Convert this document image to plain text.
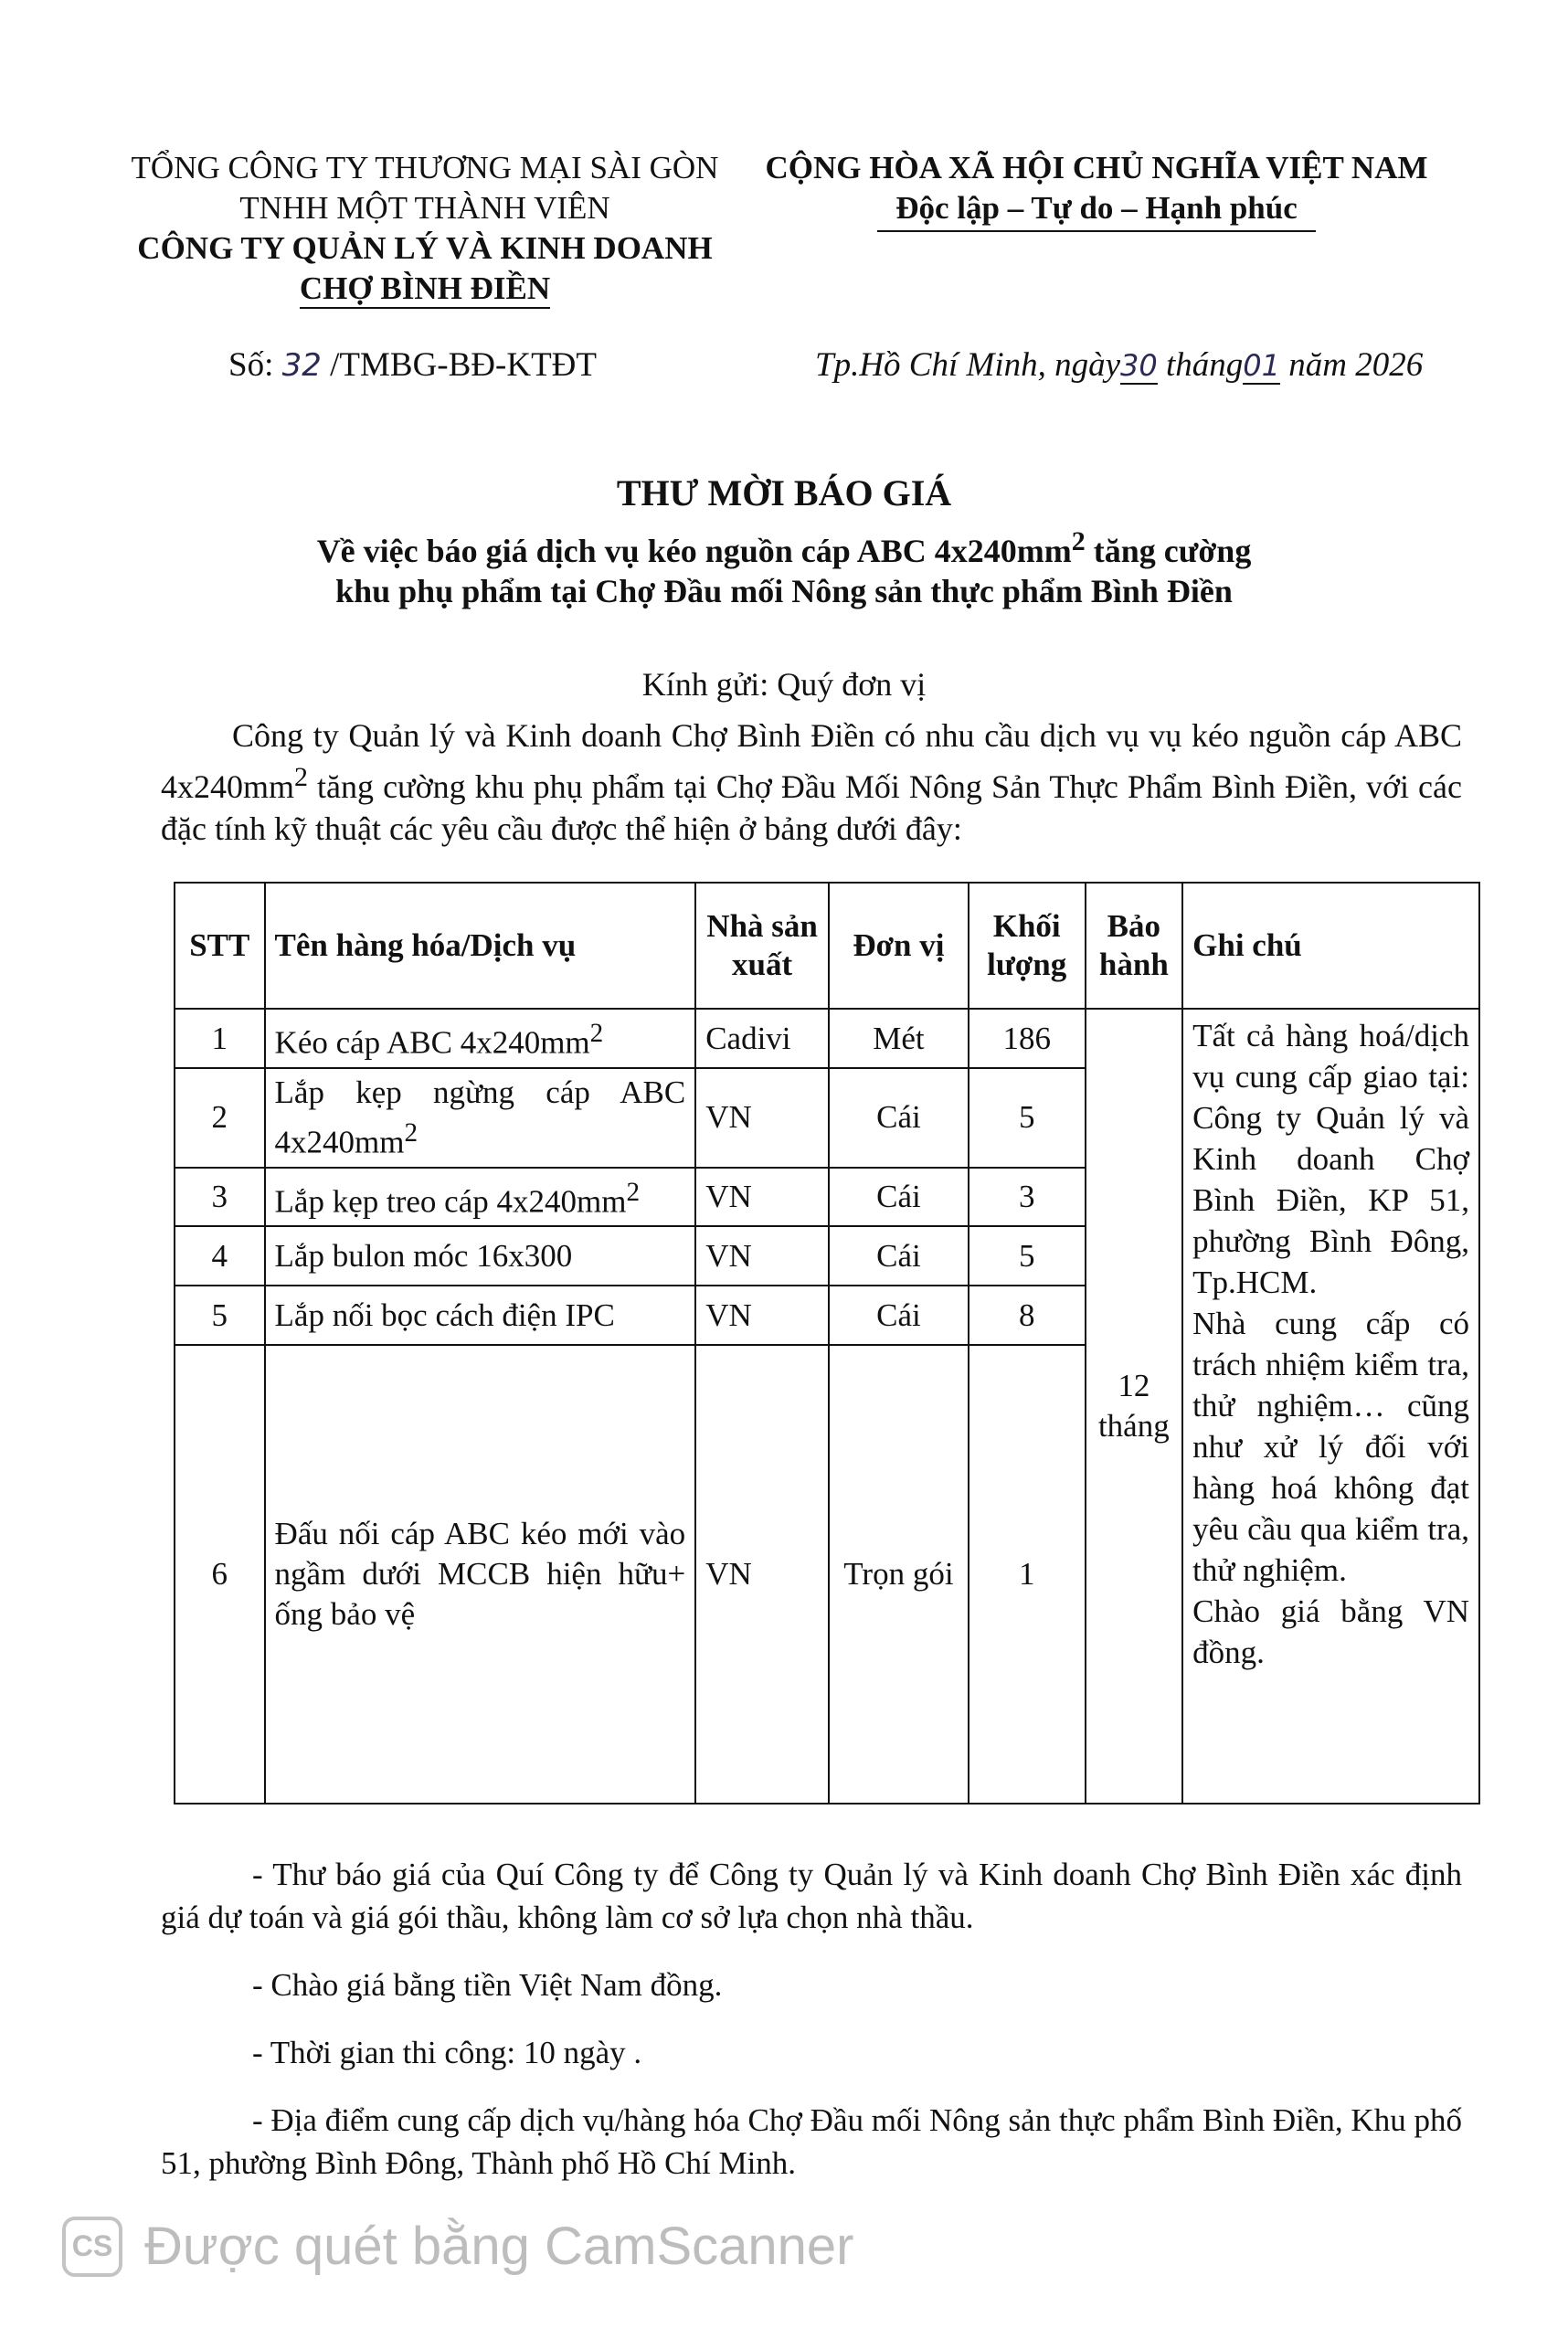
TỔNG CÔNG TY THƯƠNG MẠI SÀI GÒN
TNHH MỘT THÀNH VIÊN
CÔNG TY QUẢN LÝ VÀ KINH DOANH
CHỢ BÌNH ĐIỀN
CỘNG HÒA XÃ HỘI CHỦ NGHĨA VIỆT NAM
Độc lập – Tự do – Hạnh phúc
Số: 32 /TMBG-BĐ-KTĐT	Tp.Hồ Chí Minh, ngày30 tháng01 năm 2026
THƯ MỜI BÁO GIÁ
Về việc báo giá dịch vụ kéo nguồn cáp ABC $4x240mm^2$ tăng cường
khu phụ phẩm tại Chợ Đầu mối Nông sản thực phẩm Bình Điền
Kính gửi: Quý đơn vị
Công ty Quản lý và Kinh doanh Chợ Bình Điền có nhu cầu dịch vụ vụ kéo nguồn cáp ABC $4x240mm^2$ tăng cường khu phụ phẩm tại Chợ Đầu Mối Nông Sản Thực Phẩm Bình Điền, với các đặc tính kỹ thuật các yêu cầu được thể hiện ở bảng dưới đây:
STT	Tên hàng hóa/Dịch vụ	Nhà sản xuất	Đơn vị	Khối lượng	Bảo hành	Ghi chú
1	Kéo cáp ABC $4x240mm^2$	Cadivi	Mét	186	12 tháng	Tất cả hàng hoá/dịch vụ cung cấp giao tại: Công ty Quản lý và Kinh doanh Chợ Bình Điền, KP 51, phường Bình Đông, Tp.HCM.
Nhà cung cấp có trách nhiệm kiểm tra, thử nghiệm… cũng như xử lý đối với hàng hoá không đạt yêu cầu qua kiểm tra, thử nghiệm.
Chào giá bằng VN đồng.

2	Lắp kẹp ngừng cáp ABC $4x240mm^2$	VN	Cái	5		
3	Lắp kẹp treo cáp $4x240mm^2$	VN	Cái	3		
4	Lắp bulon móc 16x300	VN	Cái	5		
5	Lắp nối bọc cách điện IPC	VN	Cái	8		
6	Đấu nối cáp ABC kéo mới vào ngầm dưới MCCB hiện hữu+ ống bảo vệ	VN	Trọn gói	1		

- Thư báo giá của Quí Công ty để Công ty Quản lý và Kinh doanh Chợ Bình Điền xác định giá dự toán và giá gói thầu, không làm cơ sở lựa chọn nhà thầu.

- Chào giá bằng tiền Việt Nam đồng.

- Thời gian thi công: 10 ngày .

- Địa điểm cung cấp dịch vụ/hàng hóa Chợ Đầu mối Nông sản thực phẩm Bình Điền, Khu phố 51, phường Bình Đông, Thành phố Hồ Chí Minh.

CS Được quét bằng CamScanner
